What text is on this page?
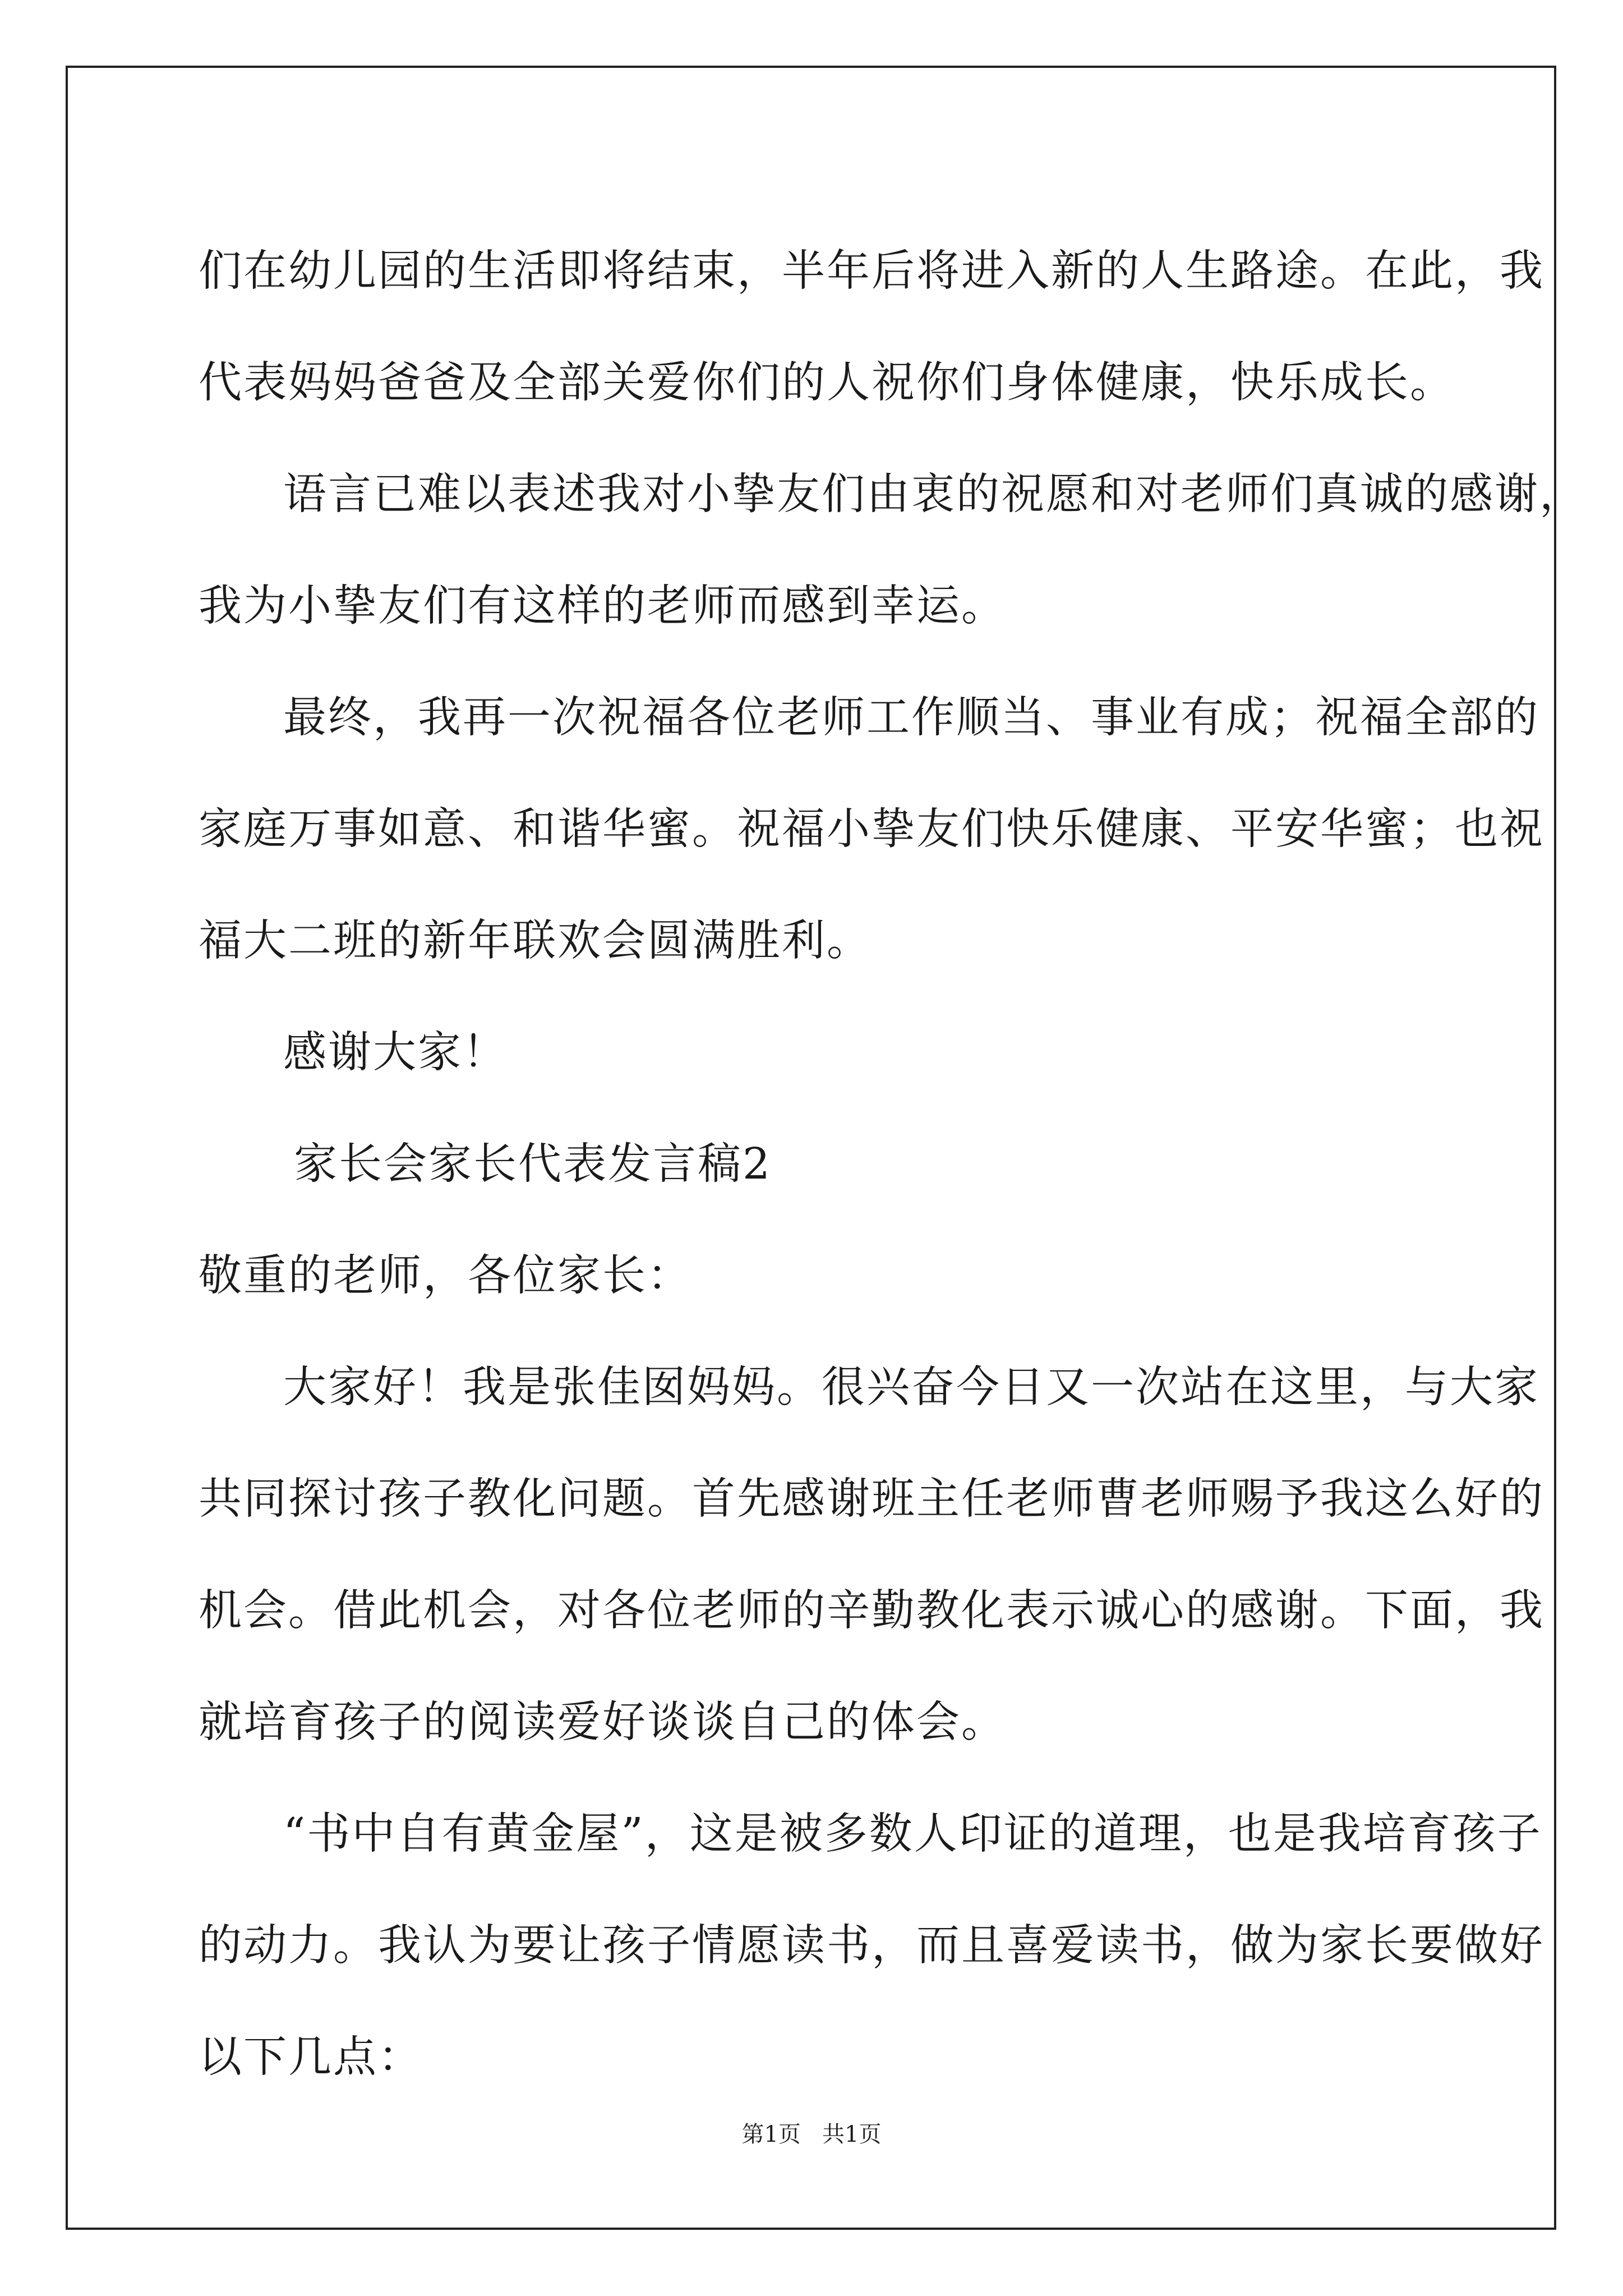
们在幼儿园的生活即将结束，半年后将进入新的人生路途。在此，我
代表妈妈爸爸及全部关爱你们的人祝你们身体健康，快乐成长。
语言已难以表述我对小挚友们由衷的祝愿和对老师们真诚的感谢，
我为小挚友们有这样的老师而感到幸运。
最终，我再一次祝福各位老师工作顺当、事业有成；祝福全部的
家庭万事如意、和谐华蜜。祝福小挚友们快乐健康、平安华蜜；也祝
福大二班的新年联欢会圆满胜利。
感谢大家！
家长会家长代表发言稿2
敬重的老师，各位家长：
大家好！我是张佳囡妈妈。很兴奋今日又一次站在这里，与大家
共同探讨孩子教化问题。首先感谢班主任老师曹老师赐予我这么好的
机会。借此机会，对各位老师的辛勤教化表示诚心的感谢。下面，我
就培育孩子的阅读爱好谈谈自己的体会。
“书中自有黄金屋”，这是被多数人印证的道理，也是我培育孩子
的动力。我认为要让孩子情愿读书，而且喜爱读书，做为家长要做好
以下几点：
第1页   共1页
